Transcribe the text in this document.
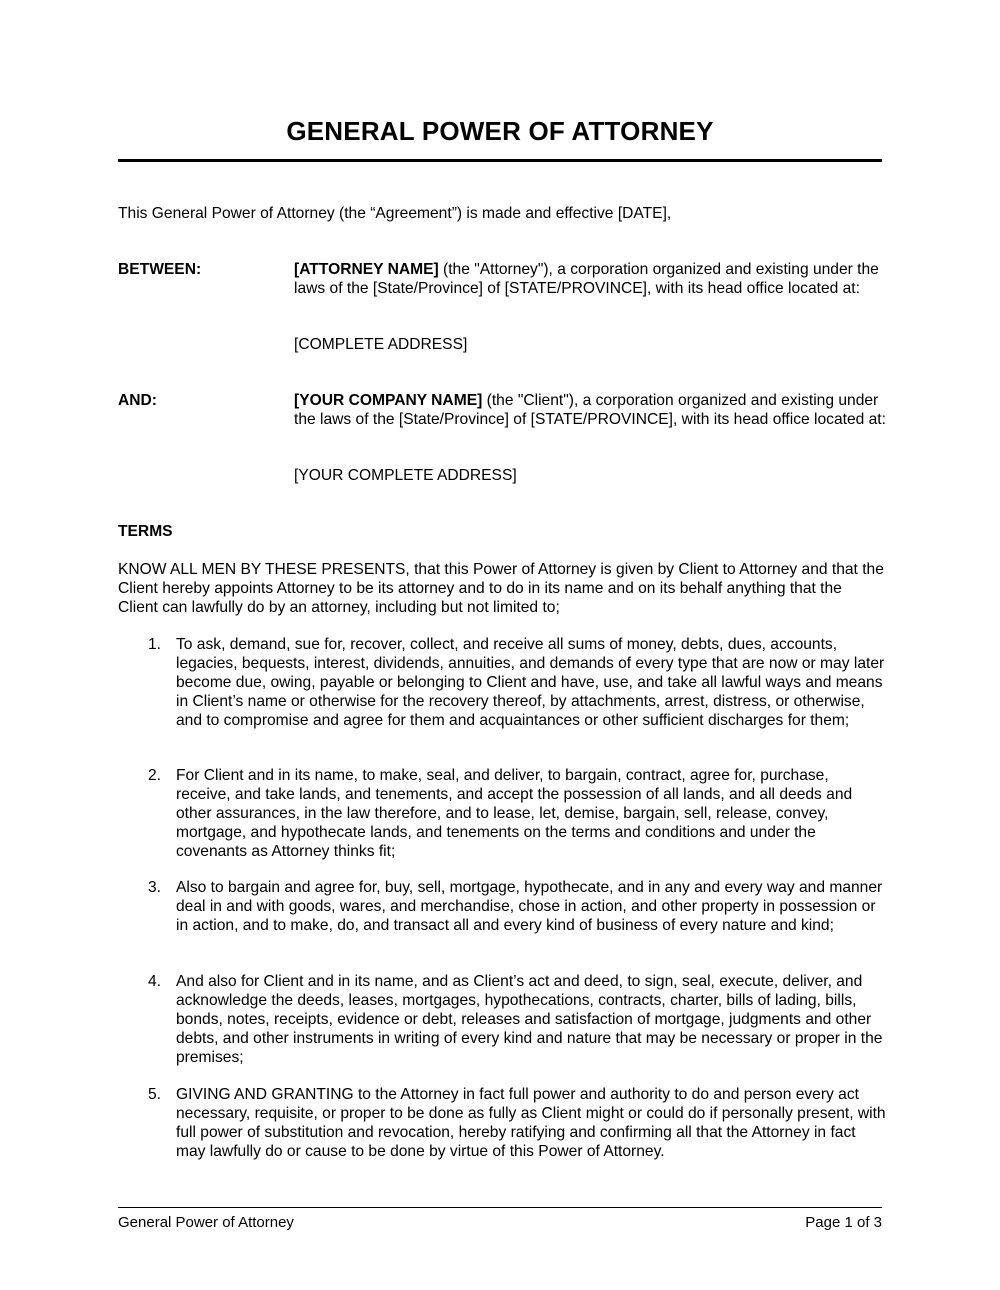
GENERAL POWER OF ATTORNEY
This General Power of Attorney (the “Agreement”) is made and effective [DATE],
BETWEEN:	[ATTORNEY NAME] (the "Attorney"), a corporation organized and existing under the laws of the [State/Province] of [STATE/PROVINCE], with its head office located at:
[COMPLETE ADDRESS]
AND:	[YOUR COMPANY NAME] (the "Client"), a corporation organized and existing under the laws of the [State/Province] of [STATE/PROVINCE], with its head office located at:
[YOUR COMPLETE ADDRESS]
TERMS
KNOW ALL MEN BY THESE PRESENTS, that this Power of Attorney is given by Client to Attorney and that the Client hereby appoints Attorney to be its attorney and to do in its name and on its behalf anything that the Client can lawfully do by an attorney, including but not limited to;
1. To ask, demand, sue for, recover, collect, and receive all sums of money, debts, dues, accounts, legacies, bequests, interest, dividends, annuities, and demands of every type that are now or may later become due, owing, payable or belonging to Client and have, use, and take all lawful ways and means in Client’s name or otherwise for the recovery thereof, by attachments, arrest, distress, or otherwise, and to compromise and agree for them and acquaintances or other sufficient discharges for them;
2. For Client and in its name, to make, seal, and deliver, to bargain, contract, agree for, purchase, receive, and take lands, and tenements, and accept the possession of all lands, and all deeds and other assurances, in the law therefore, and to lease, let, demise, bargain, sell, release, convey, mortgage, and hypothecate lands, and tenements on the terms and conditions and under the covenants as Attorney thinks fit;
3. Also to bargain and agree for, buy, sell, mortgage, hypothecate, and in any and every way and manner deal in and with goods, wares, and merchandise, chose in action, and other property in possession or in action, and to make, do, and transact all and every kind of business of every nature and kind;
4. And also for Client and in its name, and as Client’s act and deed, to sign, seal, execute, deliver, and acknowledge the deeds, leases, mortgages, hypothecations, contracts, charter, bills of lading, bills, bonds, notes, receipts, evidence or debt, releases and satisfaction of mortgage, judgments and other debts, and other instruments in writing of every kind and nature that may be necessary or proper in the premises;
5. GIVING AND GRANTING to the Attorney in fact full power and authority to do and person every act necessary, requisite, or proper to be done as fully as Client might or could do if personally present, with full power of substitution and revocation, hereby ratifying and confirming all that the Attorney in fact may lawfully do or cause to be done by virtue of this Power of Attorney.
General Power of Attorney	Page 1 of 3
